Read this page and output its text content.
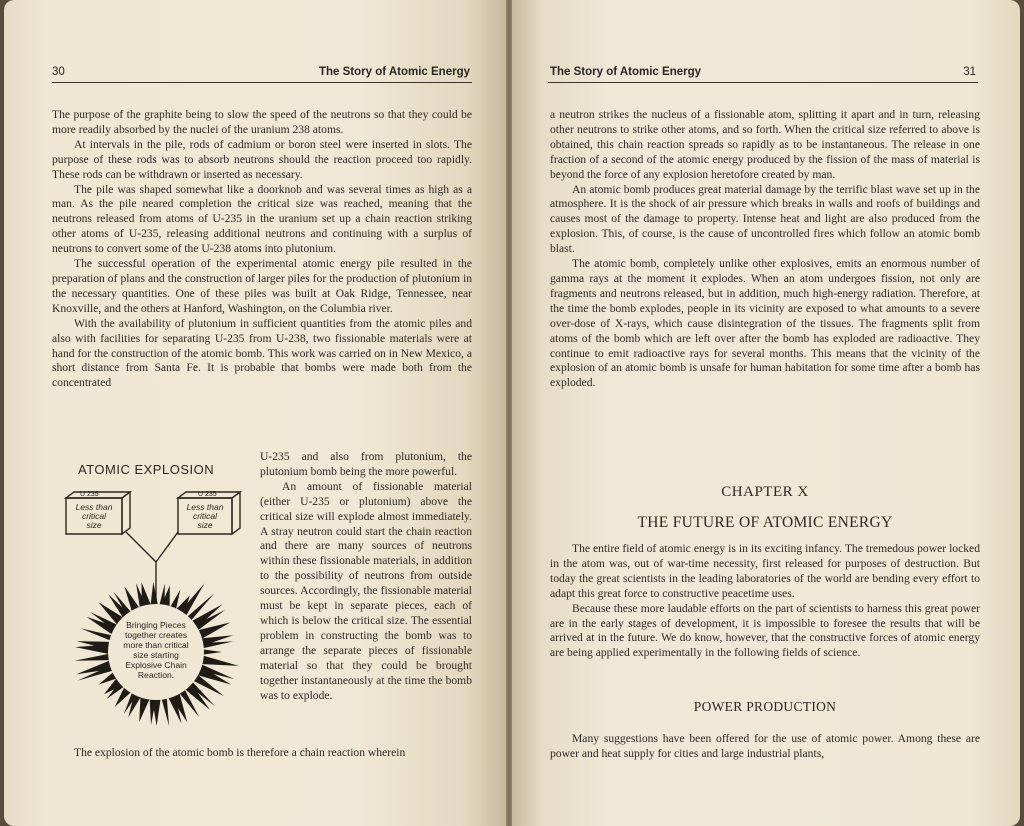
30	The Story of Atomic Energy

The purpose of the graphite being to slow the speed of the neutrons so that they could be more readily absorbed by the nuclei of the uranium 238 atoms.

At intervals in the pile, rods of cadmium or boron steel were inserted in slots. The purpose of these rods was to absorb neutrons should the reaction proceed too rapidly. These rods can be withdrawn or inserted as necessary.

The pile was shaped somewhat like a doorknob and was several times as high as a man. As the pile neared completion the critical size was reached, meaning that the neutrons released from atoms of U-235 in the uranium set up a chain reaction striking other atoms of U-235, releasing additional neutrons and continuing with a surplus of neutrons to convert some of the U-238 atoms into plutonium.

The successful operation of the experimental atomic energy pile resulted in the preparation of plans and the construction of larger piles for the production of plutonium in the necessary quantities. One of these piles was built at Oak Ridge, Tennessee, near Knoxville, and the others at Hanford, Washington, on the Columbia river.

With the availability of plutonium in sufficient quantities from the atomic piles and also with facilities for separating U-235 from U-238, two fissionable materials were at hand for the construction of the atomic bomb. This work was carried on in New Mexico, a short distance from Santa Fe. It is probable that bombs were made both from the concentrated

ATOMIC EXPLOSION
U 235
Less than
critical
size
U 235
Less than
critical
size
Bringing Pieces
together creates
more than critical
size starting
Explosive Chain
Reaction.

U-235 and also from plutonium, the plutonium bomb being the more powerful.

An amount of fissionable material (either U-235 or plutonium) above the critical size will explode almost immediately. A stray neutron could start the chain reaction and there are many sources of neutrons within these fissionable materials, in addition to the possibility of neutrons from outside sources. Accordingly, the fissionable material must be kept in separate pieces, each of which is below the critical size. The essential problem in constructing the bomb was to arrange the separate pieces of fissionable material so that they could be brought together instantaneously at the time the bomb was to explode.

The explosion of the atomic bomb is therefore a chain reaction wherein

The Story of Atomic Energy	31

a neutron strikes the nucleus of a fissionable atom, splitting it apart and in turn, releasing other neutrons to strike other atoms, and so forth. When the critical size referred to above is obtained, this chain reaction spreads so rapidly as to be instantaneous. The release in one fraction of a second of the atomic energy produced by the fission of the mass of material is beyond the force of any explosion heretofore created by man.

An atomic bomb produces great material damage by the terrific blast wave set up in the atmosphere. It is the shock of air pressure which breaks in walls and roofs of buildings and causes most of the damage to property. Intense heat and light are also produced from the explosion. This, of course, is the cause of uncontrolled fires which follow an atomic bomb blast.

The atomic bomb, completely unlike other explosives, emits an enormous number of gamma rays at the moment it explodes. When an atom undergoes fission, not only are fragments and neutrons released, but in addition, much high-energy radiation. Therefore, at the time the bomb explodes, people in its vicinity are exposed to what amounts to a severe over-dose of X-rays, which cause disintegration of the tissues. The fragments split from atoms of the bomb which are left over after the bomb has exploded are radioactive. They continue to emit radioactive rays for several months. This means that the vicinity of the explosion of an atomic bomb is unsafe for human habitation for some time after a bomb has exploded.

CHAPTER X
THE FUTURE OF ATOMIC ENERGY

The entire field of atomic energy is in its exciting infancy. The tremedous power locked in the atom was, out of war-time necessity, first released for purposes of destruction. But today the great scientists in the leading laboratories of the world are bending every effort to adapt this great force to constructive peacetime uses.

Because these more laudable efforts on the part of scientists to harness this great power are in the early stages of development, it is impossible to foresee the results that will be arrived at in the future. We do know, however, that the constructive forces of atomic energy are being applied experimentally in the following fields of science.

POWER PRODUCTION

Many suggestions have been offered for the use of atomic power. Among these are power and heat supply for cities and large industrial plants,
